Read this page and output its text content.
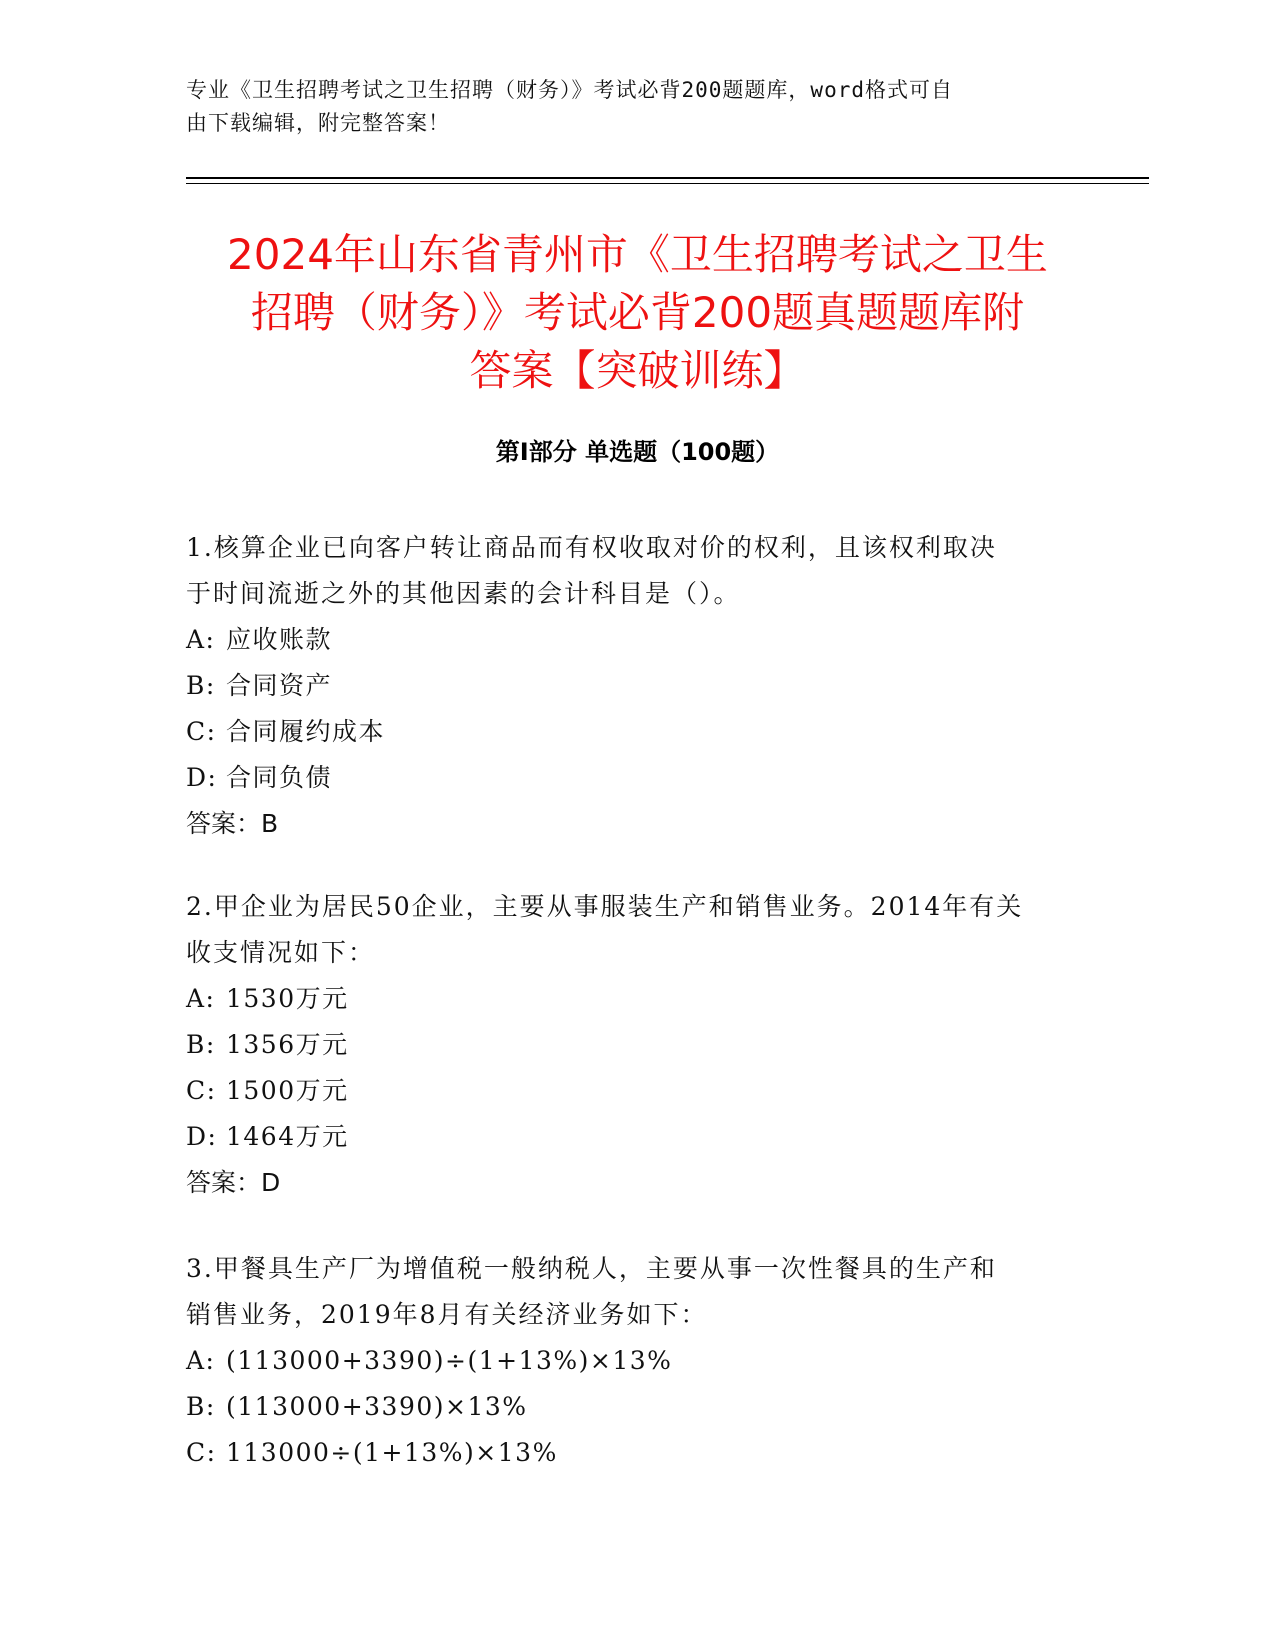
专业《卫生招聘考试之卫生招聘（财务）》考试必背200题题库，word格式可自
由下载编辑，附完整答案！
2024年山东省青州市《卫生招聘考试之卫生
招聘（财务）》考试必背200题真题题库附
答案【突破训练】
第I部分 单选题（100题）

1.核算企业已向客户转让商品而有权收取对价的权利，且该权利取决

于时间流逝之外的其他因素的会计科目是（）。

A: 应收账款

B: 合同资产

C: 合同履约成本

D: 合同负债

答案：B

2.甲企业为居民50企业，主要从事服装生产和销售业务。2014年有关

收支情况如下：

A: 1530万元

B: 1356万元

C: 1500万元

D: 1464万元

答案：D

3.甲餐具生产厂为增值税一般纳税人，主要从事一次性餐具的生产和

销售业务，2019年8月有关经济业务如下：

A: (113000+3390)÷(1+13%)×13%

B: (113000+3390)×13%

C: 113000÷(1+13%)×13%
